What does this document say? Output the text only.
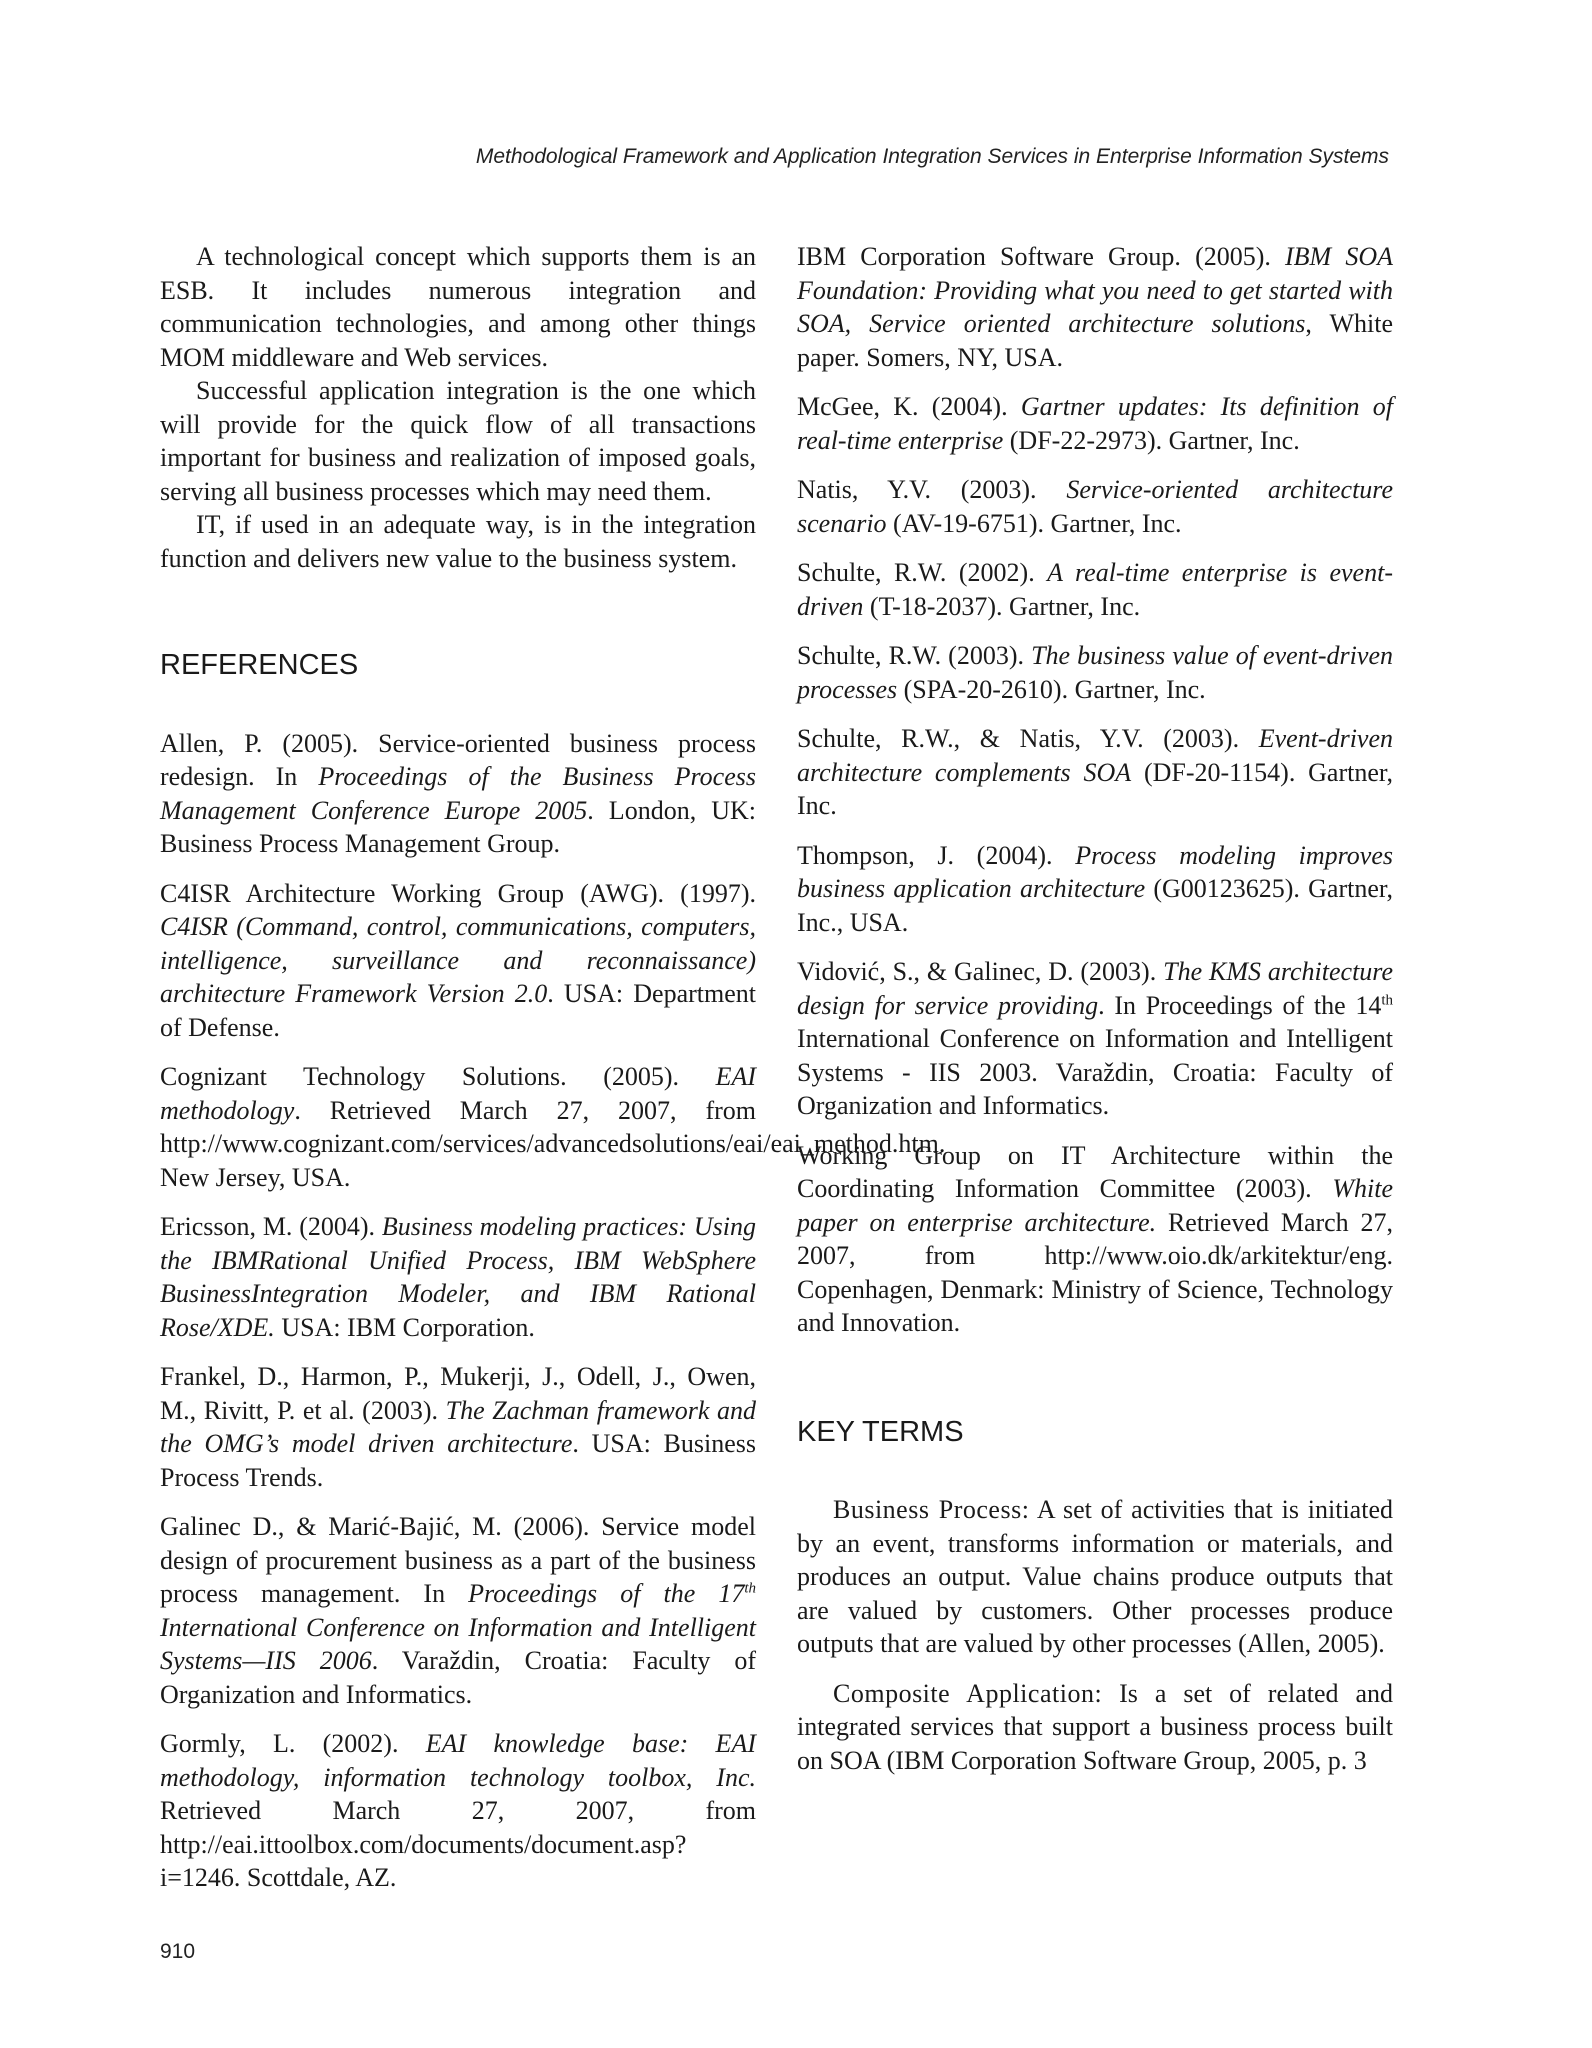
Methodological Framework and Application Integration Services in Enterprise Information Systems

A technological concept which supports them is an ESB. It includes numerous integration and communication technologies, and among other things MOM middleware and Web services.

Successful application integration is the one which will provide for the quick flow of all transactions important for business and realization of imposed goals, serving all business processes which may need them.

IT, if used in an adequate way, is in the integration function and delivers new value to the business system.

REFERENCES

Allen, P. (2005). Service-oriented business process redesign. In Proceedings of the Business Process Management Conference Europe 2005. London, UK: Business Process Management Group.

C4ISR Architecture Working Group (AWG). (1997). C4ISR (Command, control, communications, computers, intelligence, surveillance and reconnaissance) architecture Framework Version 2.0. USA: Department of Defense.

Cognizant Technology Solutions. (2005). EAI methodology. Retrieved March 27, 2007, from http://www.cognizant.com/services/advancedsolutions/eai/eai_method.htm. New Jersey, USA.

Ericsson, M. (2004). Business modeling practices: Using the IBMRational Unified Process, IBM WebSphere BusinessIntegration Modeler, and IBM Rational Rose/XDE. USA: IBM Corporation.

Frankel, D., Harmon, P., Mukerji, J., Odell, J., Owen, M., Rivitt, P. et al. (2003). The Zachman framework and the OMG’s model driven architecture. USA: Business Process Trends.

Galinec D., & Marić-Bajić, M. (2006). Service model design of procurement business as a part of the business process management. In Proceedings of the 17th International Conference on Information and Intelligent Systems—IIS 2006. Varaždin, Croatia: Faculty of Organization and Informatics.

Gormly, L. (2002). EAI knowledge base: EAI methodology, information technology toolbox, Inc. Retrieved March 27, 2007, from http://eai.ittoolbox.com/documents/document.asp?i=1246. Scottdale, AZ.

IBM Corporation Software Group. (2005). IBM SOA Foundation: Providing what you need to get started with SOA, Service oriented architecture solutions, White paper. Somers, NY, USA.

McGee, K. (2004). Gartner updates: Its definition of real-time enterprise (DF-22-2973). Gartner, Inc.

Natis, Y.V. (2003). Service-oriented architecture scenario (AV-19-6751). Gartner, Inc.

Schulte, R.W. (2002). A real-time enterprise is event-driven (T-18-2037). Gartner, Inc.

Schulte, R.W. (2003). The business value of event-driven processes (SPA-20-2610). Gartner, Inc.

Schulte, R.W., & Natis, Y.V. (2003). Event-driven architecture complements SOA (DF-20-1154). Gartner, Inc.

Thompson, J. (2004). Process modeling improves business application architecture (G00123625). Gartner, Inc., USA.

Vidović, S., & Galinec, D. (2003). The KMS architecture design for service providing. In Proceedings of the 14th International Conference on Information and Intelligent Systems - IIS 2003. Varaždin, Croatia: Faculty of Organization and Informatics.

Working Group on IT Architecture within the Coordinating Information Committee (2003). White paper on enterprise architecture. Retrieved March 27, 2007, from http://www.oio.dk/arkitektur/eng. Copenhagen, Denmark: Ministry of Science, Technology and Innovation.

KEY TERMS

Business Process: A set of activities that is initiated by an event, transforms information or materials, and produces an output. Value chains produce outputs that are valued by customers. Other processes produce outputs that are valued by other processes (Allen, 2005).

Composite Application: Is a set of related and integrated services that support a business process built on SOA (IBM Corporation Software Group, 2005, p. 3

910
